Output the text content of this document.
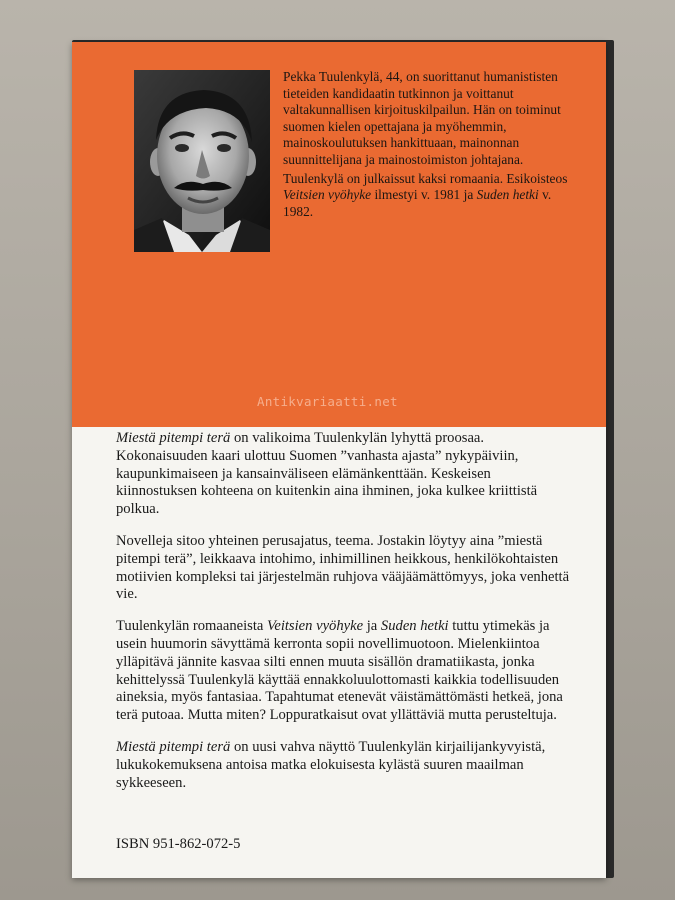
Pekka Tuulenkylä, 44, on suorittanut humanististen tieteiden kandidaatin tutkinnon ja voittanut valtakunnallisen kirjoituskilpailun. Hän on toiminut suomen kielen opettajana ja myöhemmin, mainoskoulutuksen hankittuaan, mainonnan suunnittelijana ja mainostoimiston johtajana.

Tuulenkylä on julkaissut kaksi romaania. Esikoisteos Veitsien vyöhyke ilmestyi v. 1981 ja Suden hetki v. 1982.

Antikvariaatti.net

Miestä pitempi terä on valikoima Tuulenkylän lyhyttä proosaa. Kokonaisuuden kaari ulottuu Suomen ”vanhasta ajasta” nykypäiviin, kaupunkimaiseen ja kansainväliseen elämänkenttään. Keskeisen kiinnostuksen kohteena on kuitenkin aina ihminen, joka kulkee kriittistä polkua.

Novelleja sitoo yhteinen perusajatus, teema. Jostakin löytyy aina ”miestä pitempi terä”, leikkaava intohimo, inhimillinen heikkous, henkilökohtaisten motiivien kompleksi tai järjestelmän ruhjova vääjäämättömyys, joka venhettä vie.

Tuulenkylän romaaneista Veitsien vyöhyke ja Suden hetki tuttu ytimekäs ja usein huumorin sävyttämä kerronta sopii novellimuotoon. Mielenkiintoa ylläpitävä jännite kasvaa silti ennen muuta sisällön dramatiikasta, jonka kehittelyssä Tuulenkylä käyttää ennakkoluulottomasti kaikkia todellisuuden aineksia, myös fantasiaa. Tapahtumat etenevät väistämättömästi hetkeä, jona terä putoaa. Mutta miten? Loppuratkaisut ovat yllättäviä mutta perusteltuja.

Miestä pitempi terä on uusi vahva näyttö Tuulenkylän kirjailijankyvyistä, lukukokemuksena antoisa matka elokuisesta kylästä suuren maailman sykkeeseen.

ISBN 951-862-072-5
